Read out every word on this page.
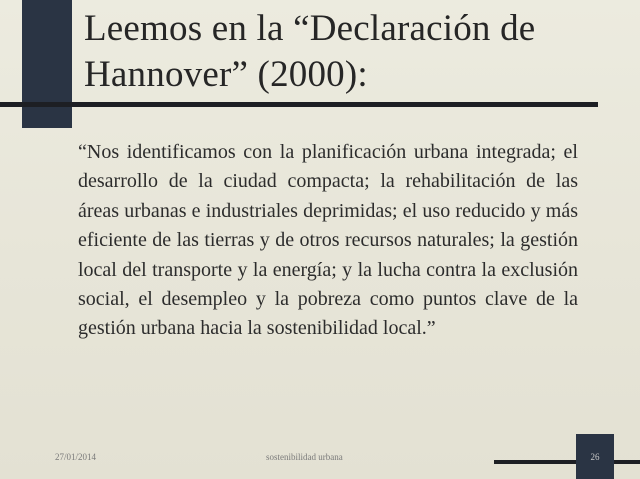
Leemos en la “Declaración de Hannover” (2000):

“Nos identificamos con la planificación urbana integrada; el desarrollo de la ciudad compacta; la rehabilitación de las áreas urbanas e industriales deprimidas; el uso reducido y más eficiente de las tierras y de otros recursos naturales; la gestión local del transporte y la energía; y la lucha contra la exclusión social, el desempleo y la pobreza como puntos clave de la gestión urbana hacia la sostenibilidad local.”

27/01/2014	sostenibilidad urbana	26
